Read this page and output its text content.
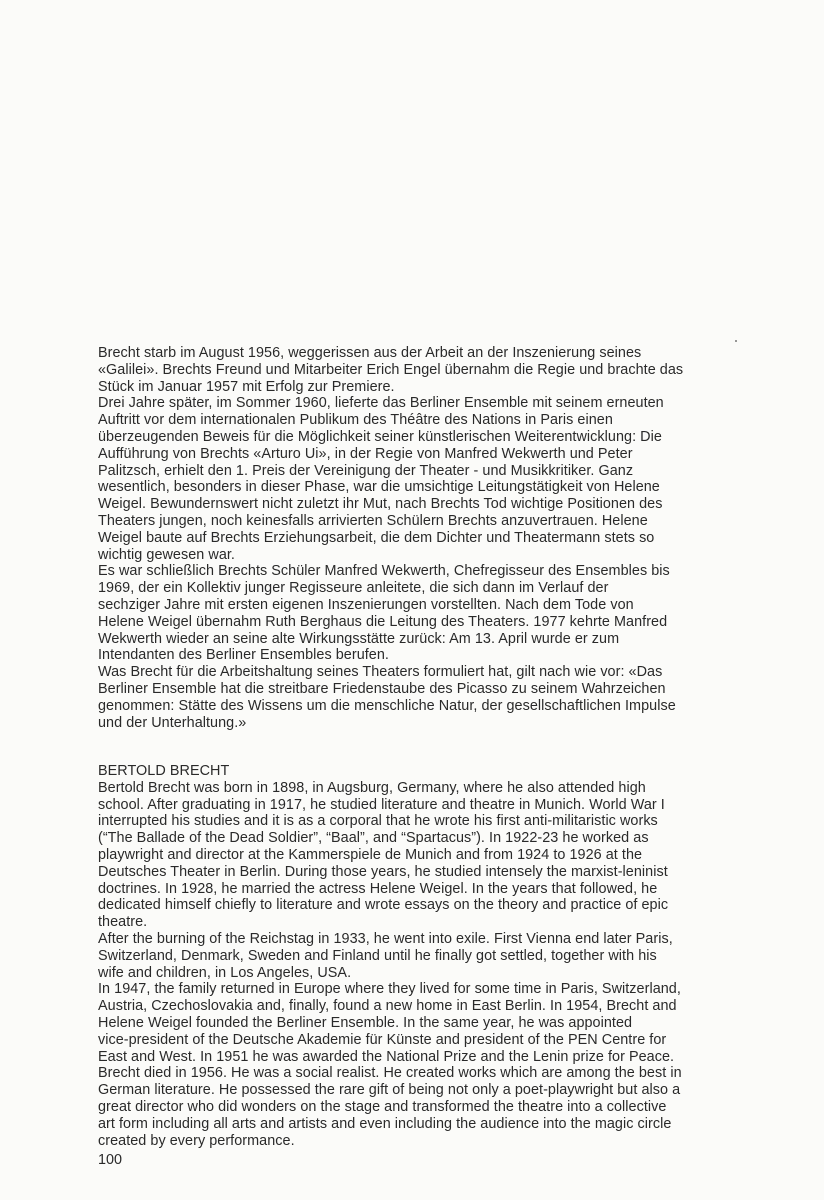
Brecht starb im August 1956, weggerissen aus der Arbeit an der Inszenierung seines
«Galilei». Brechts Freund und Mitarbeiter Erich Engel übernahm die Regie und brachte das
Stück im Januar 1957 mit Erfolg zur Premiere.
Drei Jahre später, im Sommer 1960, lieferte das Berliner Ensemble mit seinem erneuten
Auftritt vor dem internationalen Publikum des Théâtre des Nations in Paris einen
überzeugenden Beweis für die Möglichkeit seiner künstlerischen Weiterentwicklung: Die
Aufführung von Brechts «Arturo Ui», in der Regie von Manfred Wekwerth und Peter
Palitzsch, erhielt den 1. Preis der Vereinigung der Theater - und Musikkritiker. Ganz
wesentlich, besonders in dieser Phase, war die umsichtige Leitungstätigkeit von Helene
Weigel. Bewundernswert nicht zuletzt ihr Mut, nach Brechts Tod wichtige Positionen des
Theaters jungen, noch keinesfalls arrivierten Schülern Brechts anzuvertrauen. Helene
Weigel baute auf Brechts Erziehungsarbeit, die dem Dichter und Theatermann stets so
wichtig gewesen war.
Es war schließlich Brechts Schüler Manfred Wekwerth, Chefregisseur des Ensembles bis
1969, der ein Kollektiv junger Regisseure anleitete, die sich dann im Verlauf der
sechziger Jahre mit ersten eigenen Inszenierungen vorstellten. Nach dem Tode von
Helene Weigel übernahm Ruth Berghaus die Leitung des Theaters. 1977 kehrte Manfred
Wekwerth wieder an seine alte Wirkungsstätte zurück: Am 13. April wurde er zum
Intendanten des Berliner Ensembles berufen.
Was Brecht für die Arbeitshaltung seines Theaters formuliert hat, gilt nach wie vor: «Das
Berliner Ensemble hat die streitbare Friedenstaube des Picasso zu seinem Wahrzeichen
genommen: Stätte des Wissens um die menschliche Natur, der gesellschaftlichen Impulse
und der Unterhaltung.»
BERTOLD BRECHT
Bertold Brecht was born in 1898, in Augsburg, Germany, where he also attended high
school. After graduating in 1917, he studied literature and theatre in Munich. World War I
interrupted his studies and it is as a corporal that he wrote his first anti-militaristic works
(“The Ballade of the Dead Soldier”, “Baal”, and “Spartacus”). In 1922-23 he worked as
playwright and director at the Kammerspiele de Munich and from 1924 to 1926 at the
Deutsches Theater in Berlin. During those years, he studied intensely the marxist-leninist
doctrines. In 1928, he married the actress Helene Weigel. In the years that followed, he
dedicated himself chiefly to literature and wrote essays on the theory and practice of epic
theatre.
After the burning of the Reichstag in 1933, he went into exile. First Vienna end later Paris,
Switzerland, Denmark, Sweden and Finland until he finally got settled, together with his
wife and children, in Los Angeles, USA.
In 1947, the family returned in Europe where they lived for some time in Paris, Switzerland,
Austria, Czechoslovakia and, finally, found a new home in East Berlin. In 1954, Brecht and
Helene Weigel founded the Berliner Ensemble. In the same year, he was appointed
vice-president of the Deutsche Akademie für Künste and president of the PEN Centre for
East and West. In 1951 he was awarded the National Prize and the Lenin prize for Peace.
Brecht died in 1956. He was a social realist. He created works which are among the best in
German literature. He possessed the rare gift of being not only a poet-playwright but also a
great director who did wonders on the stage and transformed the theatre into a collective
art form including all arts and artists and even including the audience into the magic circle
created by every performance.
100
